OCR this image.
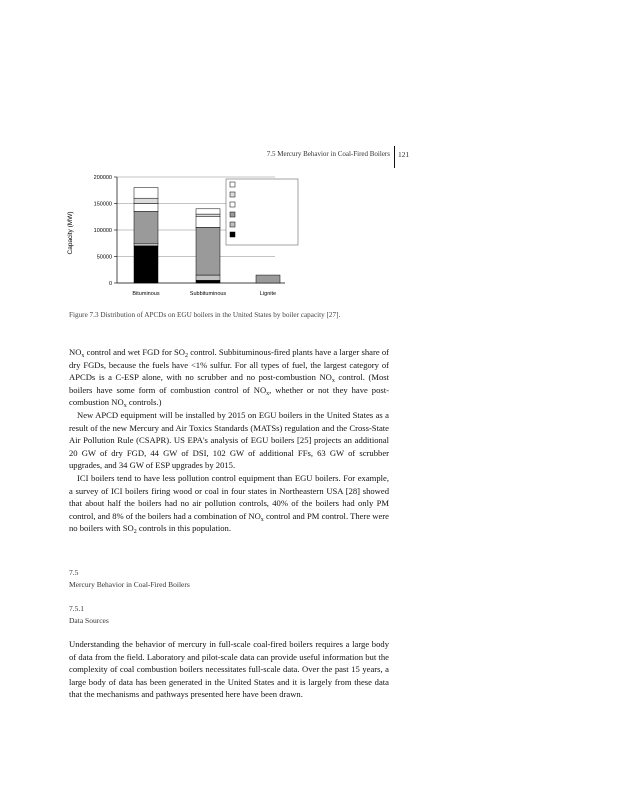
7.5 Mercury Behavior in Coal-Fired Boilers 121
0
50000
100000
150000
200000
Bituminous	Subbituminous	Lignite
Capacity (MW)
Figure 7.3 Distribution of APCDs on EGU boilers in the United States by boiler capacity [27].

$NO_x$ control and wet FGD for $SO_2$ control. Subbituminous-fired plants have a larger share of dry FGDs, because the fuels have <1% sulfur. For all types of fuel, the largest category of APCDs is a C-ESP alone, with no scrubber and no post-combustion $NO_x$ control. (Most boilers have some form of combustion control of $NO_x$, whether or not they have post-combustion $NO_x$ controls.)

New APCD equipment will be installed by 2015 on EGU boilers in the United States as a result of the new Mercury and Air Toxics Standards (MATSs) regulation and the Cross-State Air Pollution Rule (CSAPR). US EPA's analysis of EGU boilers [25] projects an additional 20 GW of dry FGD, 44 GW of DSI, 102 GW of additional FFs, 63 GW of scrubber upgrades, and 34 GW of ESP upgrades by 2015.

ICI boilers tend to have less pollution control equipment than EGU boilers. For example, a survey of ICI boilers firing wood or coal in four states in Northeastern USA [28] showed that about half the boilers had no air pollution controls, 40% of the boilers had only PM control, and 8% of the boilers had a combination of $NO_x$ control and PM control. There were no boilers with $SO_2$ controls in this population.

7.5
Mercury Behavior in Coal-Fired Boilers
7.5.1
Data Sources

Understanding the behavior of mercury in full-scale coal-fired boilers requires a large body of data from the field. Laboratory and pilot-scale data can provide useful information but the complexity of coal combustion boilers necessitates full-scale data. Over the past 15 years, a large body of data has been generated in the United States and it is largely from these data that the mechanisms and pathways presented here have been drawn.
